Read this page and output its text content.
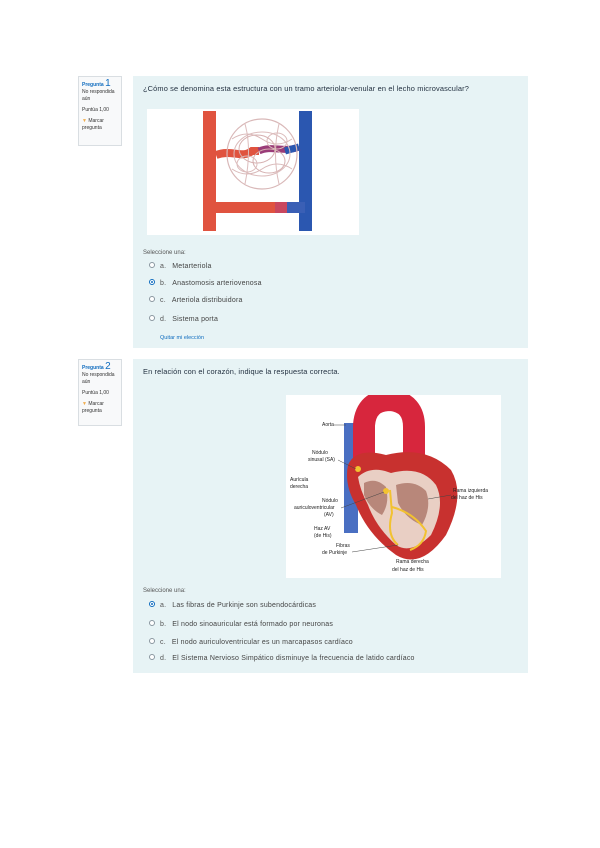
Pregunta 1
No respondida aún
Puntúa 1,00
▼ Marcar pregunta
¿Cómo se denomina esta estructura con un tramo arteriolar-venular en el lecho microvascular?
Seleccione una:
a. Metarteriola
b. Anastomosis arteriovenosa
c. Arteriola distribuidora
d. Sistema porta
Quitar mi elección
Pregunta 2
No respondida aún
Puntúa 1,00
▼ Marcar pregunta
En relación con el corazón, indique la respuesta correcta.
Aorta
Nódulo
sinusal (SA)
Aurícula
derecha
Nódulo
auriculoventricular
(AV)
Haz AV
(de His)
Fibras
de Purkinje
Rama izquierda
del haz de His
Rama derecha
del haz de His
Seleccione una:
a. Las fibras de Purkinje son subendocárdicas
b. El nodo sinoauricular está formado por neuronas
c. El nodo auriculoventricular es un marcapasos cardíaco
d. El Sistema Nervioso Simpático disminuye la frecuencia de latido cardíaco
